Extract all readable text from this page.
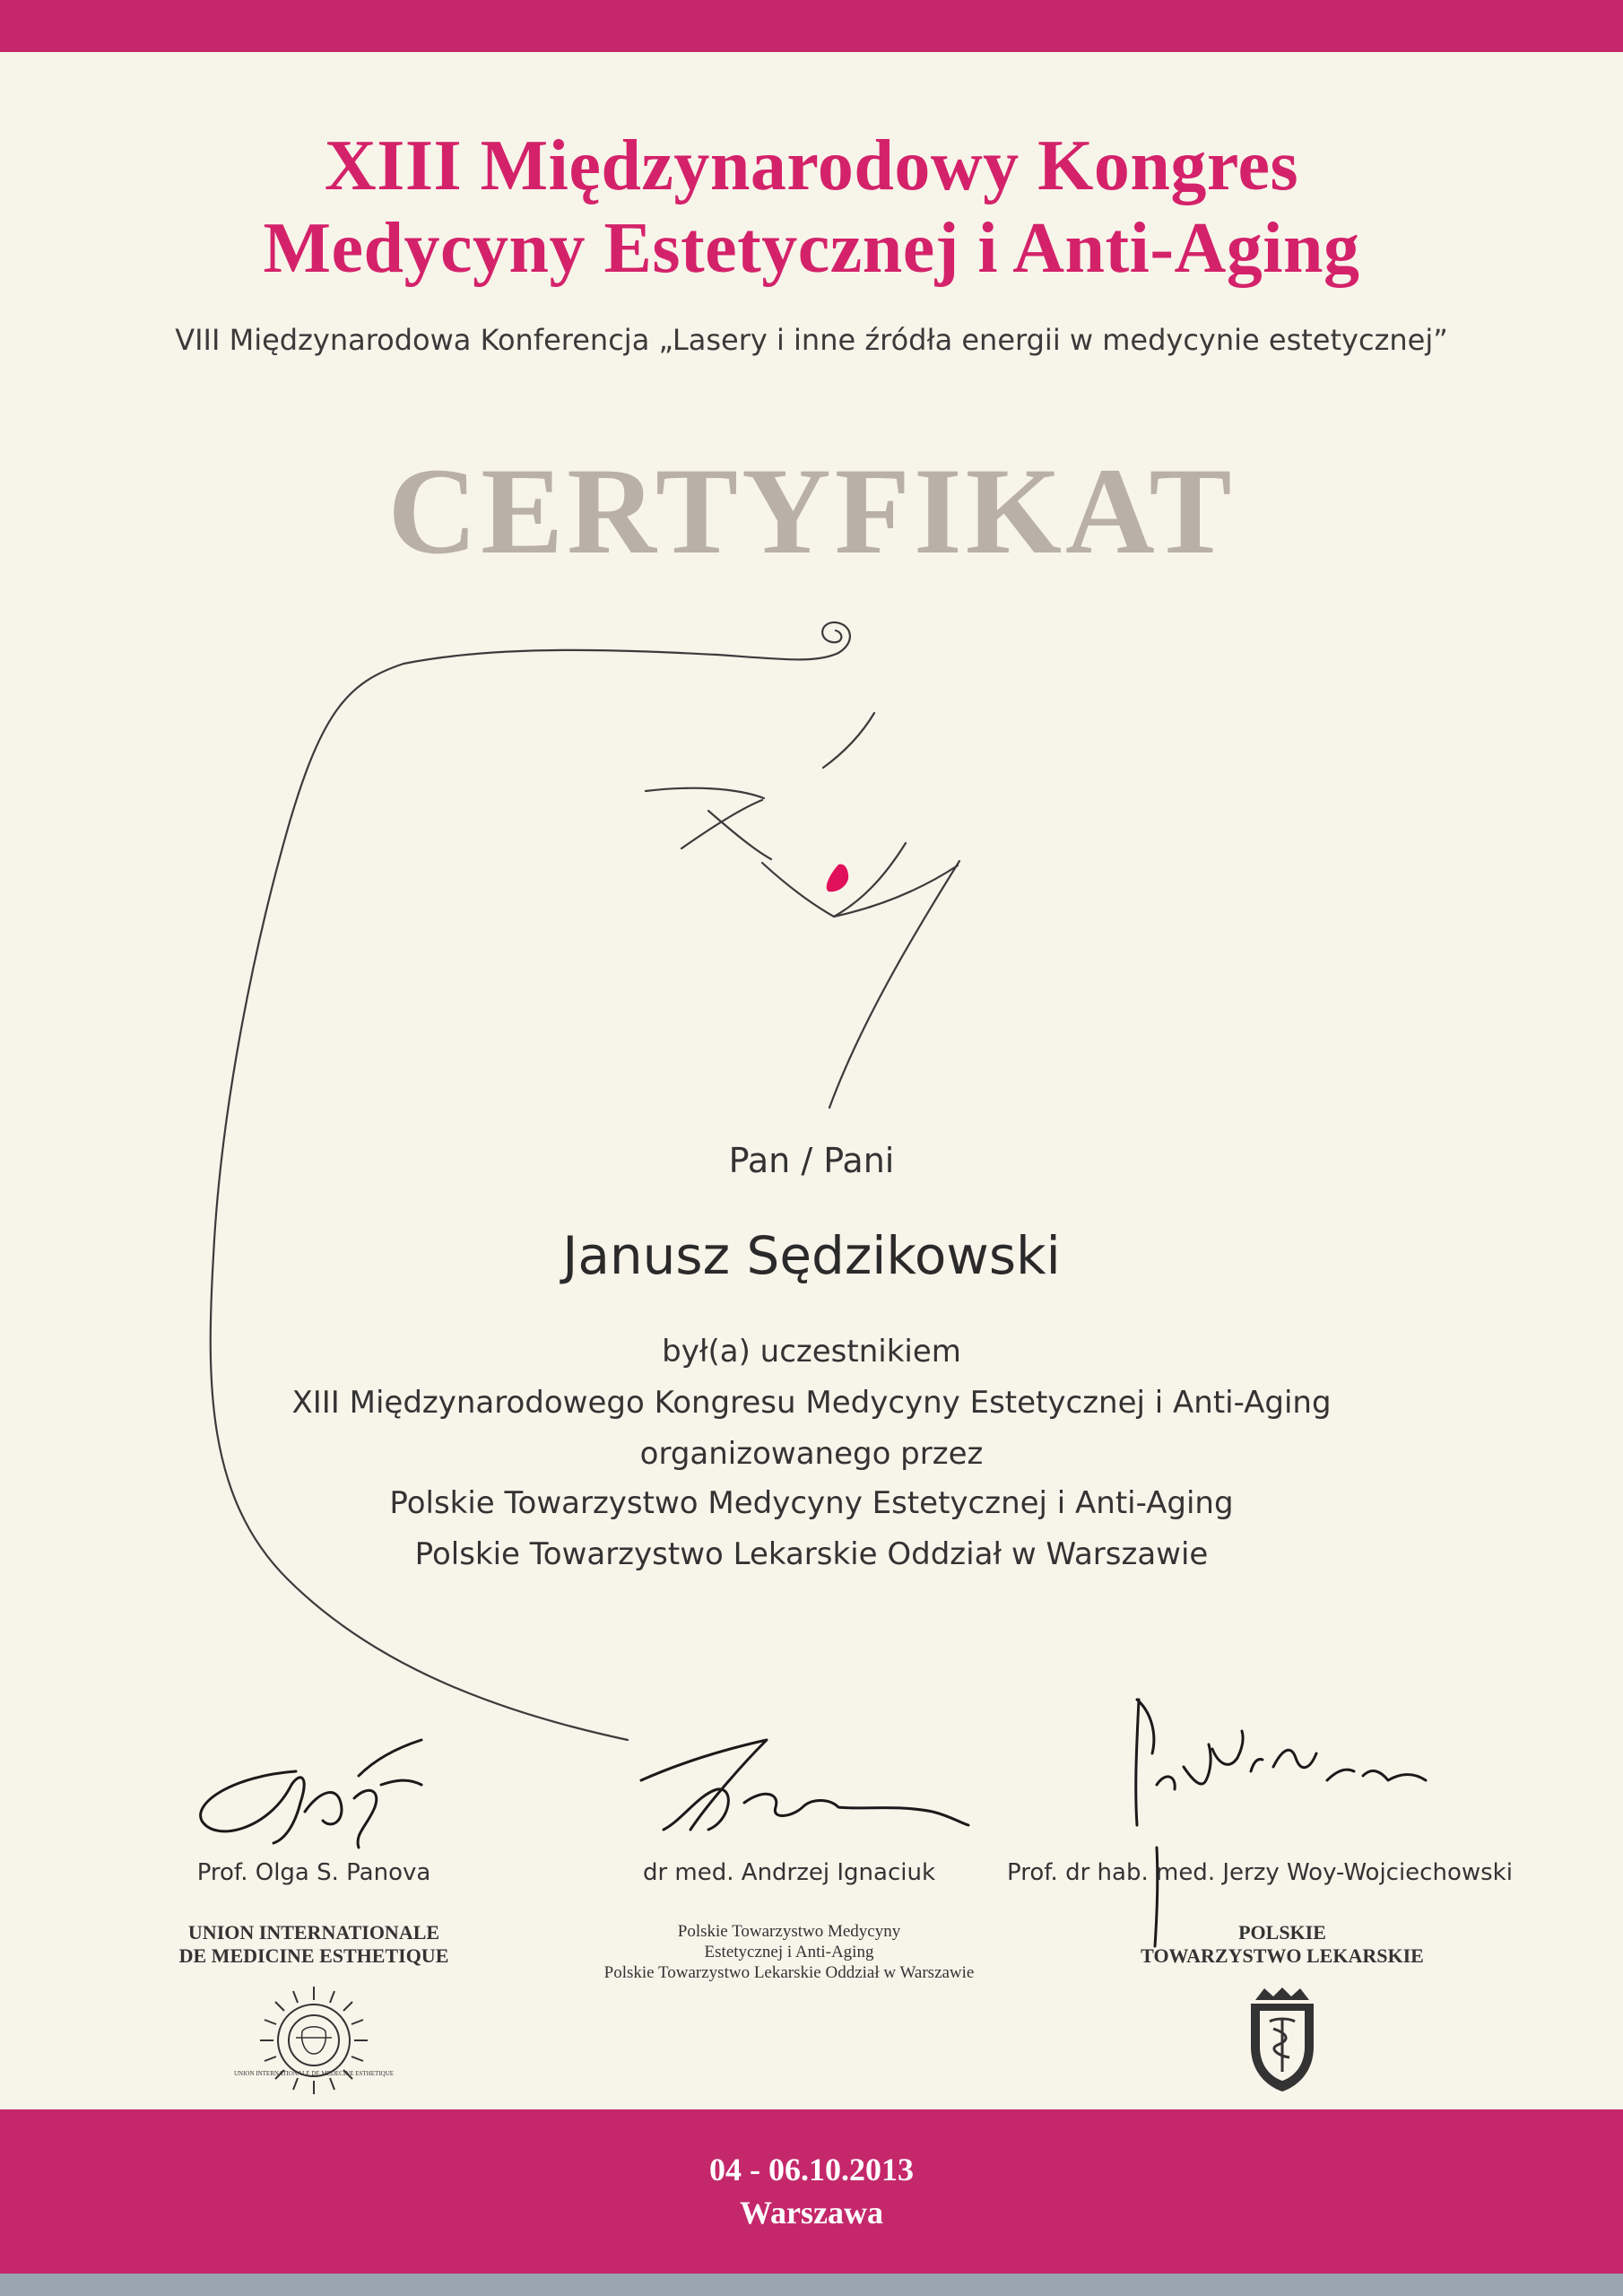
XIII Międzynarodowy Kongres
Medycyny Estetycznej i Anti-Aging
VIII Międzynarodowa Konferencja „Lasery i inne źródła energii w medycynie estetycznej”
CERTYFIKAT
Pan / Pani
Janusz Sędzikowski
był(a) uczestnikiem
XIII Międzynarodowego Kongresu Medycyny Estetycznej i Anti-Aging
organizowanego przez
Polskie Towarzystwo Medycyny Estetycznej i Anti-Aging
Polskie Towarzystwo Lekarskie Oddział w Warszawie
Prof. Olga S. Panova	dr med. Andrzej Ignaciuk	Prof. dr hab. med. Jerzy Woy-Wojciechowski
UNION INTERNATIONALE
DE MEDICINE ESTHETIQUE
Polskie Towarzystwo Medycyny
Estetycznej i Anti-Aging
Polskie Towarzystwo Lekarskie Oddział w Warszawie
POLSKIE
TOWARZYSTWO LEKARSKIE
UNION INTERNATIONALE DE MEDECINE ESTHETIQUE
04 - 06.10.2013
Warszawa
